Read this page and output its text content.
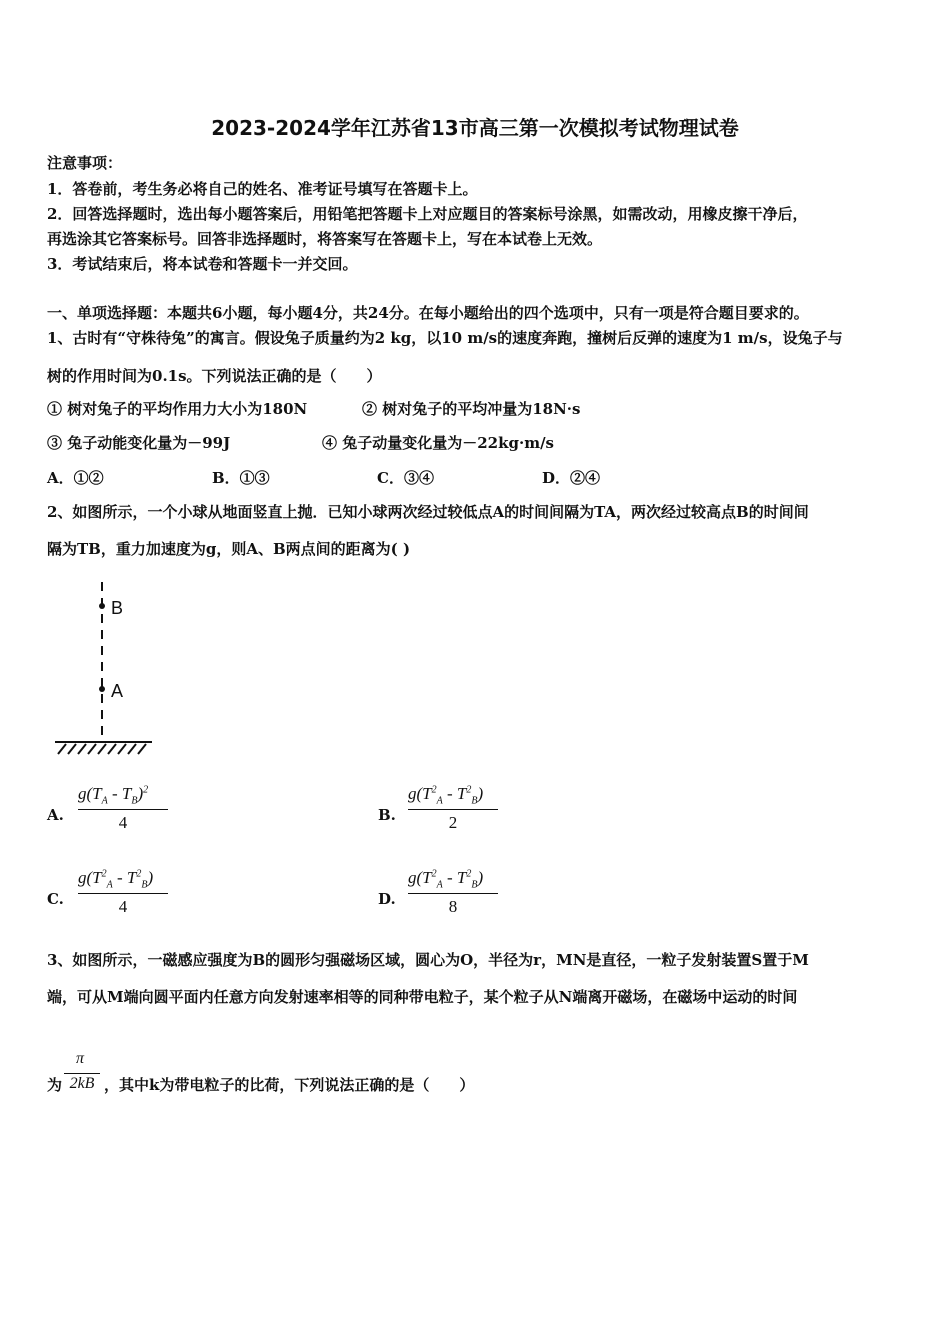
2023-2024学年江苏省13市高三第一次模拟考试物理试卷
注意事项：
1．答卷前，考生务必将自己的姓名、准考证号填写在答题卡上。
2．回答选择题时，选出每小题答案后，用铅笔把答题卡上对应题目的答案标号涂黑，如需改动，用橡皮擦干净后，
再选涂其它答案标号。回答非选择题时，将答案写在答题卡上，写在本试卷上无效。
3．考试结束后，将本试卷和答题卡一并交回。
一、单项选择题：本题共6小题，每小题4分，共24分。在每小题给出的四个选项中，只有一项是符合题目要求的。
1、古时有“守株待兔”的寓言。假设兔子质量约为2 kg，以10 m/s的速度奔跑，撞树后反弹的速度为1 m/s，设兔子与
树的作用时间为0.1s。下列说法正确的是（　　）
① 树对兔子的平均作用力大小为180N	② 树对兔子的平均冲量为18N·s
③ 兔子动能变化量为－99J	④ 兔子动量变化量为－22kg·m/s
A．①②	B．①③	C．③④	D．②④
2、如图所示，一个小球从地面竖直上抛．已知小球两次经过较低点A的时间间隔为TA，两次经过较高点B的时间间
隔为TB，重力加速度为g，则A、B两点间的距离为( )
B
A
A.
$g(T_A - T_B)^2$
4	B.
$g(T^2_A - T^2_B)$
2
C.
$g(T^2_A - T^2_B)$
4	D.
$g(T^2_A - T^2_B)$
8
3、如图所示，一磁感应强度为B的圆形匀强磁场区域，圆心为O，半径为r，MN是直径，一粒子发射装置S置于M
端，可从M端向圆平面内任意方向发射速率相等的同种带电粒子，某个粒子从N端离开磁场，在磁场中运动的时间
为
π
2kB ，其中k为带电粒子的比荷，下列说法正确的是（　　）
